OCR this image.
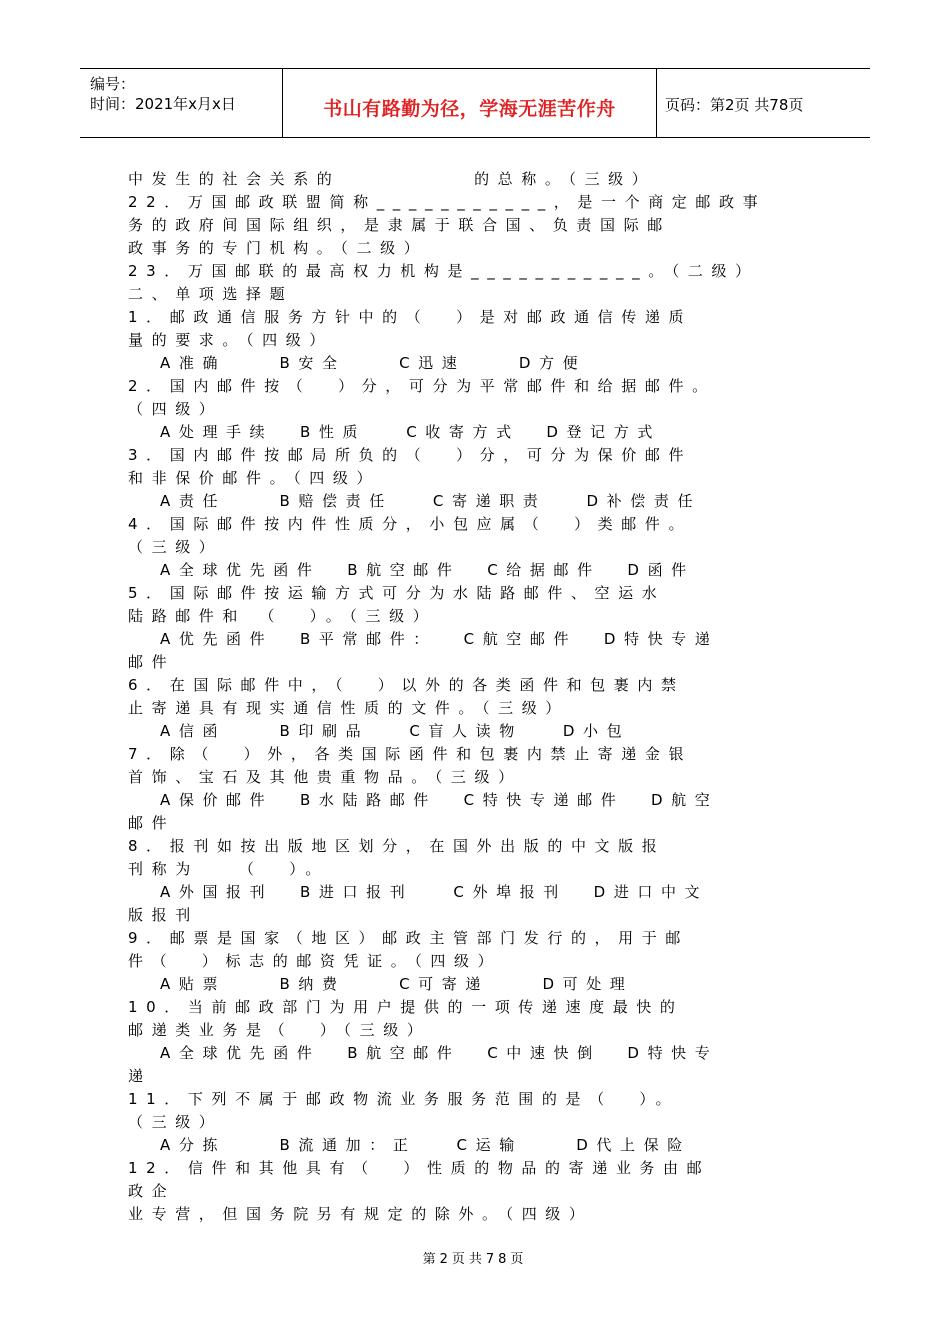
编号：
时间：2021年x月x日	书山有路勤为径，学海无涯苦作舟	页码：第2页 共78页
中发生的社会关系的          的总称。（三级）
22．万国邮政联盟简称___________，是一个商定邮政事
务的政府间国际组织，是隶属于联合国、负责国际邮
政事务的专门机构。（二级）
23．万国邮联的最高权力机构是___________。（二级）
二、单项选择题
1．邮政通信服务方针中的（  ）是对邮政通信传递质
量的要求。（四级）
A准确    B安全    C迅速    D方便
2．国内邮件按（  ）分，可分为平常邮件和给据邮件。
（四级）
A处理手续  B性质   C收寄方式  D登记方式
3．国内邮件按邮局所负的（  ）分，可分为保价邮件
和非保价邮件。（四级）
A责任    B赔偿责任   C寄递职责   D补偿责任
4．国际邮件按内件性质分，小包应属（  ）类邮件。
（三级）
A全球优先函件  B航空邮件  C给据邮件  D函件
5．国际邮件按运输方式可分为水陆路邮件、空运水
陆路邮件和 （  ）。（三级）
A优先函件  B平常邮件：  C航空邮件  D特快专递
邮件
6．在国际邮件中，（  ）以外的各类函件和包裹内禁
止寄递具有现实通信性质的文件。（三级）
A信函    B印刷品   C盲人读物   D小包
7．除（  ）外，各类国际函件和包裹内禁止寄递金银
首饰、宝石及其他贵重物品。（三级）
A保价邮件  B水陆路邮件  C特快专递邮件  D航空
邮件
8．报刊如按出版地区划分，在国外出版的中文版报
刊称为   （  ）。
A外国报刊  B进口报刊   C外埠报刊  D进口中文
版报刊
9．邮票是国家（地区）邮政主管部门发行的，用于邮
件（  ）标志的邮资凭证。（四级）
A贴票    B纳费    C可寄递    D可处理
10．当前邮政部门为用户提供的一项传递速度最快的
邮递类业务是（  ）（三级）
A全球优先函件  B航空邮件  C中速快倒  D特快专
递
11．下列不属于邮政物流业务服务范围的是（  ）。
（三级）
A分拣    B流通加：正   C运输    D代上保险
12．信件和其他具有（  ）性质的物品的寄递业务由邮
政企
业专营，但国务院另有规定的除外。（四级）
第2页共78页
